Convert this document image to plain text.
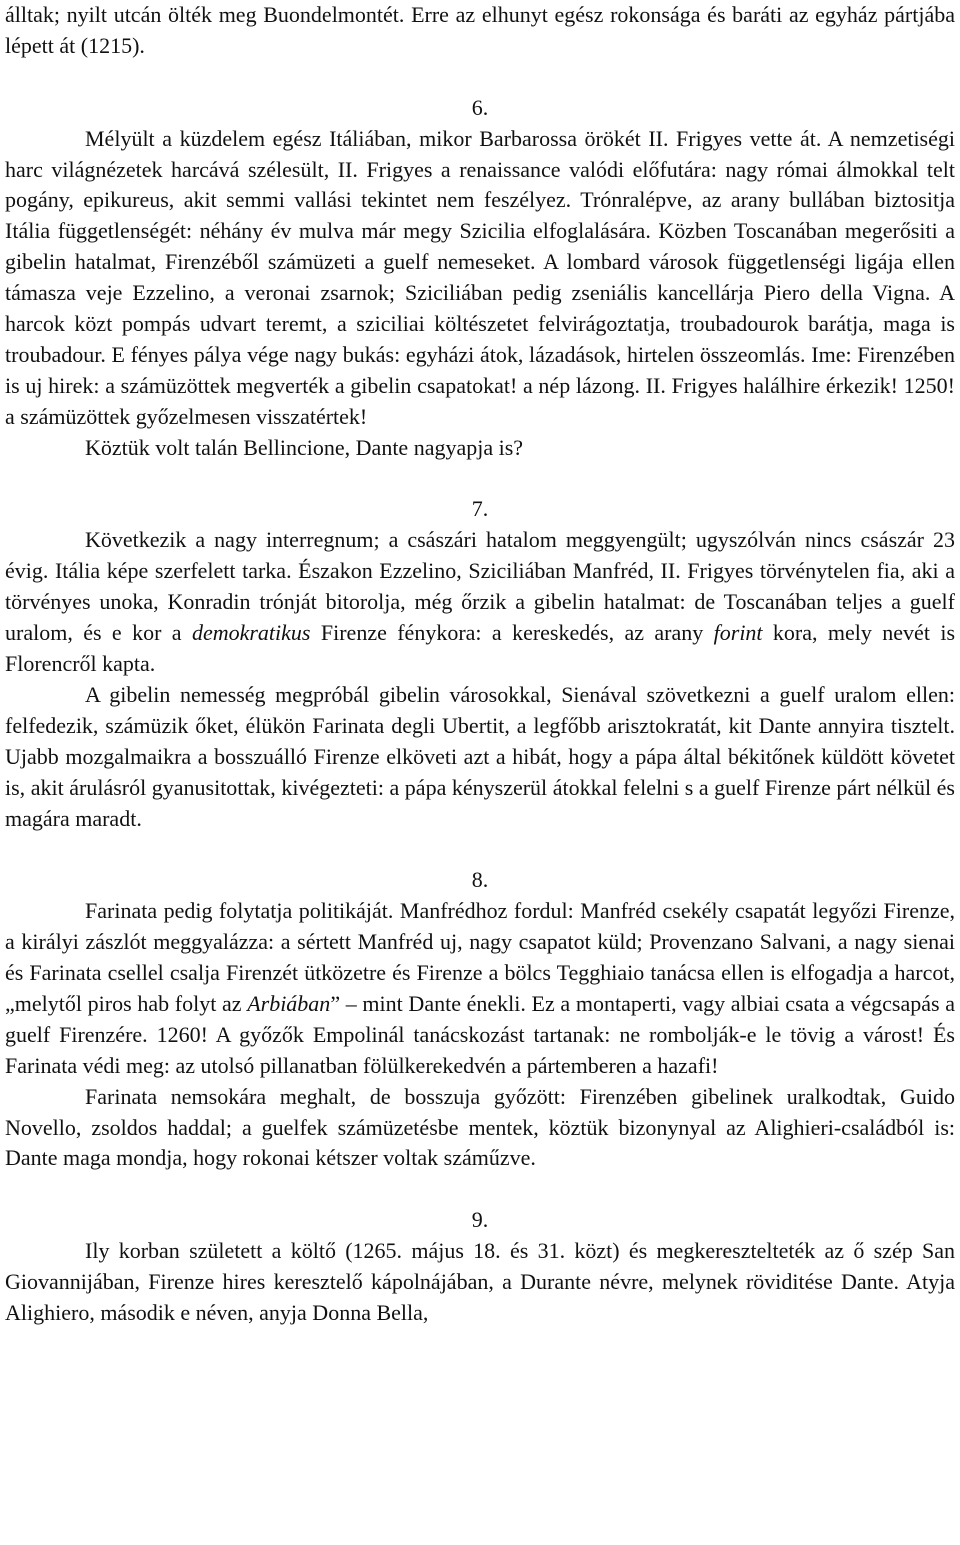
álltak; nyilt utcán ölték meg Buondelmontét. Erre az elhunyt egész rokonsága és baráti az egyház pártjába lépett át (1215).

6.

Mélyült a küzdelem egész Itáliában, mikor Barbarossa örökét II. Frigyes vette át. A nemzetiségi harc világnézetek harcává szélesült, II. Frigyes a renaissance valódi előfutára: nagy római álmokkal telt pogány, epikureus, akit semmi vallási tekintet nem feszélyez. Trónralépve, az arany bullában biztositja Itália függetlenségét: néhány év mulva már megy Szicilia elfoglalására. Közben Toscanában megerősiti a gibelin hatalmat, Firenzéből számüzeti a guelf nemeseket. A lombard városok függetlenségi ligája ellen támasza veje Ezzelino, a veronai zsarnok; Sziciliában pedig zseniális kancellárja Piero della Vigna. A harcok közt pompás udvart teremt, a sziciliai költészetet felvirágoztatja, troubadourok barátja, maga is troubadour. E fényes pálya vége nagy bukás: egyházi átok, lázadások, hirtelen összeomlás. Ime: Firenzében is uj hirek: a számüzöttek megverték a gibelin csapatokat! a nép lázong. II. Frigyes halálhire érkezik! 1250! a számüzöttek győzelmesen visszatértek!

Köztük volt talán Bellincione, Dante nagyapja is?

7.

Következik a nagy interregnum; a császári hatalom meggyengült; ugyszólván nincs császár 23 évig. Itália képe szerfelett tarka. Északon Ezzelino, Sziciliában Manfréd, II. Frigyes törvénytelen fia, aki a törvényes unoka, Konradin trónját bitorolja, még őrzik a gibelin hatalmat: de Toscanában teljes a guelf uralom, és e kor a demokratikus Firenze fénykora: a kereskedés, az arany forint kora, mely nevét is Florencről kapta.

A gibelin nemesség megpróbál gibelin városokkal, Sienával szövetkezni a guelf uralom ellen: felfedezik, számüzik őket, élükön Farinata degli Ubertit, a legfőbb arisztokratát, kit Dante annyira tisztelt. Ujabb mozgalmaikra a bosszuálló Firenze elköveti azt a hibát, hogy a pápa által békitőnek küldött követet is, akit árulásról gyanusitottak, kivégezteti: a pápa kényszerül átokkal felelni s a guelf Firenze párt nélkül és magára maradt.

8.

Farinata pedig folytatja politikáját. Manfrédhoz fordul: Manfréd csekély csapatát legyőzi Firenze, a királyi zászlót meggyalázza: a sértett Manfréd uj, nagy csapatot küld; Provenzano Salvani, a nagy sienai és Farinata csellel csalja Firenzét ütközetre és Firenze a bölcs Tegghiaio tanácsa ellen is elfogadja a harcot, „melytől piros hab folyt az Arbiában” – mint Dante énekli. Ez a montaperti, vagy albiai csata a végcsapás a guelf Firenzére. 1260! A győzők Empolinál tanácskozást tartanak: ne rombolják-e le tövig a várost! És Farinata védi meg: az utolsó pillanatban fölülkerekedvén a pártemberen a hazafi!

Farinata nemsokára meghalt, de bosszuja győzött: Firenzében gibelinek uralkodtak, Guido Novello, zsoldos haddal; a guelfek számüzetésbe mentek, köztük bizonynyal az Alighieri-családból is: Dante maga mondja, hogy rokonai kétszer voltak száműzve.

9.

Ily korban született a költő (1265. május 18. és 31. közt) és megkeresztelteték az ő szép San Giovannijában, Firenze hires keresztelő kápolnájában, a Durante névre, melynek röviditése Dante. Atyja Alighiero, második e néven, anyja Donna Bella,
